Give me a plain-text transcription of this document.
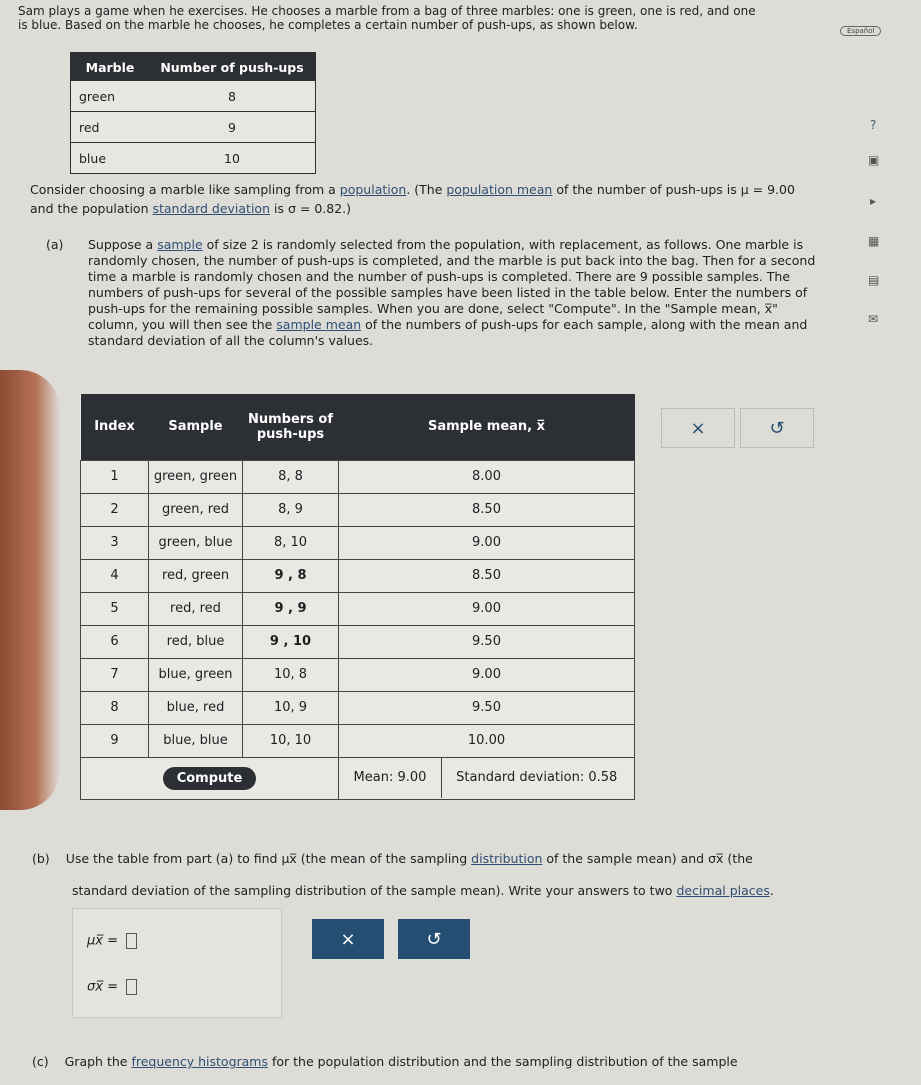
Sam plays a game when he exercises. He chooses a marble from a bag of three marbles: one is green, one is red, and one
is blue. Based on the marble he chooses, he completes a certain number of push-ups, as shown below.
Marble	Number of push-ups
green	8
red	9
blue	10
Consider choosing a marble like sampling from a population. (The population mean of the number of push-ups is μ = 9.00
and the population standard deviation is σ = 0.82.)
(a) Suppose a sample of size 2 is randomly selected from the population, with replacement, as follows. One marble is randomly chosen, the number of push-ups is completed, and the marble is put back into the bag. Then for a second time a marble is randomly chosen and the number of push-ups is completed. There are 9 possible samples. The numbers of push-ups for several of the possible samples have been listed in the table below. Enter the numbers of push-ups for the remaining possible samples. When you are done, select "Compute". In the "Sample mean, x̅" column, you will then see the sample mean of the numbers of push-ups for each sample, along with the mean and standard deviation of all the column's values.
Index	Sample	Numbers of push-ups	Sample mean, x̅
1	green, green	8, 8	8.00
2	green, red	8, 9	8.50
3	green, blue	8, 10	9.00
4	red, green	9 , 8	8.50
5	red, red	9 , 9	9.00
6	red, blue	9 , 10	9.50
7	blue, green	10, 8	9.00
8	blue, red	10, 9	9.50
9	blue, blue	10, 10	10.00
Compute			Mean: 9.00 Standard deviation: 0.58
×	↺
(b) Use the table from part (a) to find μx̅ (the mean of the sampling distribution of the sample mean) and σx̅ (the
standard deviation of the sampling distribution of the sample mean). Write your answers to two decimal places.
μx̅ =
σx̅ =
×	↺
(c) Graph the frequency histograms for the population distribution and the sampling distribution of the sample
Español
?
▣
▸
▦
▤
✉
